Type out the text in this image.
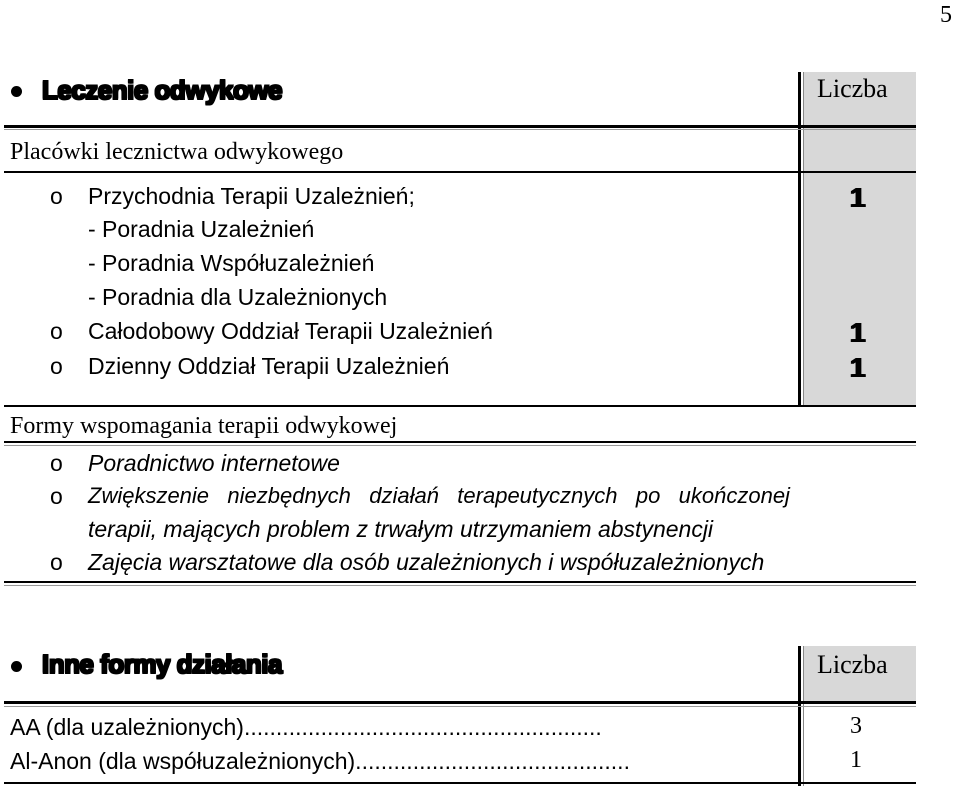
5
Leczenie odwykowe	Liczba
Placówki lecznictwa odwykowego
o Przychodnia Terapii Uzależnień;	1
- Poradnia Uzależnień
- Poradnia Współuzależnień
- Poradnia dla Uzależnionych
o Całodobowy Oddział Terapii Uzależnień	1
o Dzienny Oddział Terapii Uzależnień	1
Formy wspomagania terapii odwykowej
o Poradnictwo internetowe
o Zwiększenie   niezbędnych   działań   terapeutycznych   po   ukończonej
terapii, mających problem z trwałym utrzymaniem abstynencji
o Zajęcia warsztatowe dla osób uzależnionych i współuzależnionych
Inne formy działania	Liczba
AA (dla uzależnionych)........................................................	3
Al-Anon (dla współuzależnionych)...........................................	1
